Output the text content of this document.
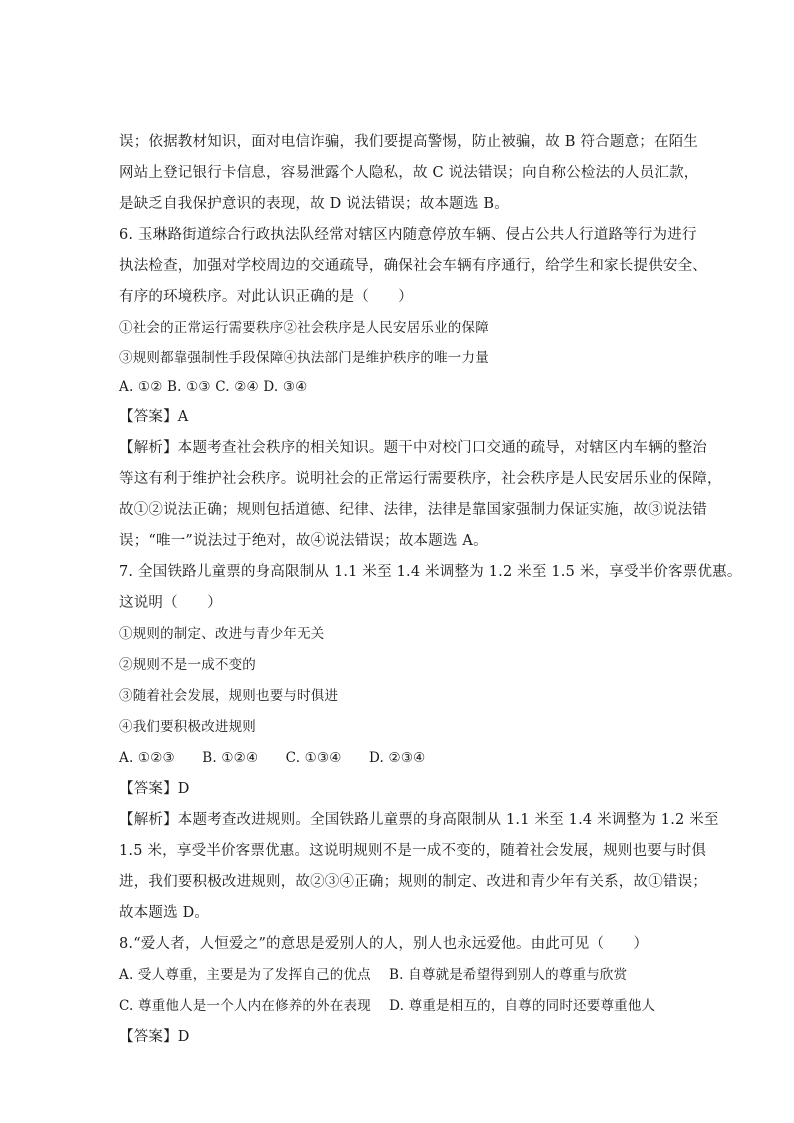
误；依据教材知识，面对电信诈骗，我们要提高警惕，防止被骗，故 B 符合题意；在陌生
网站上登记银行卡信息，容易泄露个人隐私，故 C 说法错误；向自称公检法的人员汇款，
是缺乏自我保护意识的表现，故 D 说法错误；故本题选 B。
6. 玉琳路街道综合行政执法队经常对辖区内随意停放车辆、侵占公共人行道路等行为进行
执法检查，加强对学校周边的交通疏导，确保社会车辆有序通行，给学生和家长提供安全、
有序的环境秩序。对此认识正确的是（　　）
①社会的正常运行需要秩序②社会秩序是人民安居乐业的保障
③规则都靠强制性手段保障④执法部门是维护秩序的唯一力量
A. ①② B. ①③ C. ②④ D. ③④
【答案】A
【解析】本题考查社会秩序的相关知识。题干中对校门口交通的疏导，对辖区内车辆的整治
等这有利于维护社会秩序。说明社会的正常运行需要秩序，社会秩序是人民安居乐业的保障，
故①②说法正确；规则包括道德、纪律、法律，法律是靠国家强制力保证实施，故③说法错
误；“唯一”说法过于绝对，故④说法错误；故本题选 A。
7. 全国铁路儿童票的身高限制从 1.1 米至 1.4 米调整为 1.2 米至 1.5 米，享受半价客票优惠。
这说明（　　）
①规则的制定、改进与青少年无关
②规则不是一成不变的
③随着社会发展，规则也要与时俱进
④我们要积极改进规则
A. ①②③　　B. ①②④　　C. ①③④　　D. ②③④
【答案】D
【解析】本题考查改进规则。全国铁路儿童票的身高限制从 1.1 米至 1.4 米调整为 1.2 米至
1.5 米，享受半价客票优惠。这说明规则不是一成不变的，随着社会发展，规则也要与时俱
进，我们要积极改进规则，故②③④正确；规则的制定、改进和青少年有关系，故①错误；
故本题选 D。
8.“爱人者，人恒爱之”的意思是爱别人的人，别人也永远爱他。由此可见（　　）
A. 受人尊重，主要是为了发挥自己的优点　 B. 自尊就是希望得到别人的尊重与欣赏
C. 尊重他人是一个人内在修养的外在表现　 D. 尊重是相互的，自尊的同时还要尊重他人
【答案】D
